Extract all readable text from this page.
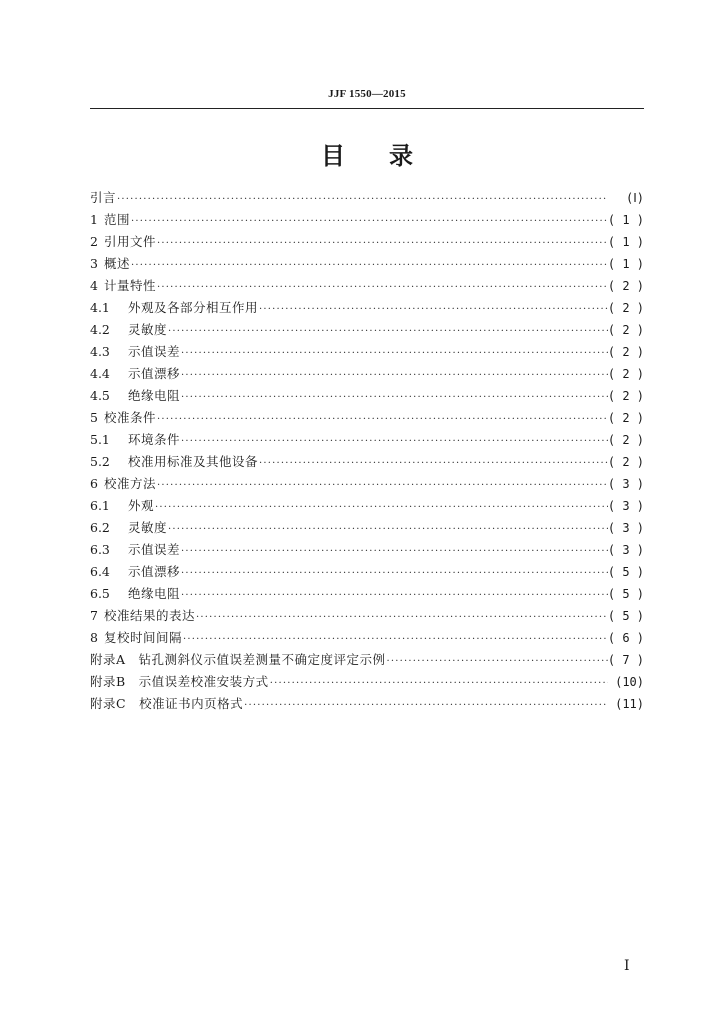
JJF 1550—2015
目录
引言 ·····	(Ⅰ)
1 范围 ·····	( 1 )
2 引用文件 ·····	( 1 )
3 概述 ·····	( 1 )
4 计量特性 ·····	( 2 )
4.1	外观及各部分相互作用 ·····	( 2 )
4.2	灵敏度 ·····	( 2 )
4.3	示值误差 ·····	( 2 )
4.4	示值漂移 ·····	( 2 )
4.5	绝缘电阻 ·····	( 2 )
5 校准条件 ·····	( 2 )
5.1	环境条件 ·····	( 2 )
5.2	校准用标准及其他设备 ·····	( 2 )
6 校准方法 ·····	( 3 )
6.1	外观 ·····	( 3 )
6.2	灵敏度 ·····	( 3 )
6.3	示值误差 ·····	( 3 )
6.4	示值漂移 ·····	( 5 )
6.5	绝缘电阻 ·····	( 5 )
7 校准结果的表达 ·····	( 5 )
8 复校时间间隔 ·····	( 6 )
附录A　钻孔测斜仪示值误差测量不确定度评定示例 ·····	( 7 )
附录B　示值误差校准安装方式 ·····	(10)
附录C　校准证书内页格式 ·····	(11)
Ⅰ
